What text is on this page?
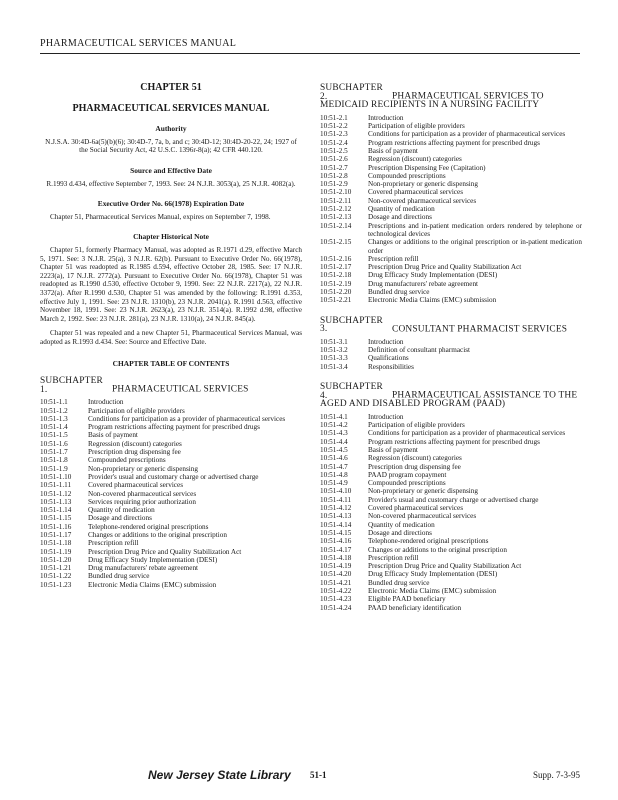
PHARMACEUTICAL SERVICES MANUAL
CHAPTER 51
PHARMACEUTICAL SERVICES MANUAL
Authority

N.J.S.A. 30:4D-6a(5)(b)(6); 30:4D-7, 7a, b, and c; 30:4D-12; 30:4D-20-22, 24; 1927 of the Social Security Act, 42 U.S.C. 1396r-8(a); 42 CFR 440.120.

Source and Effective Date

R.1993 d.434, effective September 7, 1993. See: 24 N.J.R. 3053(a), 25 N.J.R. 4082(a).

Executive Order No. 66(1978) Expiration Date

Chapter 51, Pharmaceutical Services Manual, expires on September 7, 1998.

Chapter Historical Note

Chapter 51, formerly Pharmacy Manual, was adopted as R.1971 d.29, effective March 5, 1971. See: 3 N.J.R. 25(a), 3 N.J.R. 62(b). Pursuant to Executive Order No. 66(1978), Chapter 51 was readopted as R.1985 d.594, effective October 28, 1985. See: 17 N.J.R. 2223(a), 17 N.J.R. 2772(a). Pursuant to Executive Order No. 66(1978), Chapter 51 was readopted as R.1990 d.530, effective October 9, 1990. See: 22 N.J.R. 2217(a), 22 N.J.R. 3372(a). After R.1990 d.530, Chapter 51 was amended by the following: R.1991 d.353, effective July 1, 1991. See: 23 N.J.R. 1310(b), 23 N.J.R. 2041(a). R.1991 d.563, effective November 18, 1991. See: 23 N.J.R. 2623(a), 23 N.J.R. 3514(a). R.1992 d.98, effective March 2, 1992. See: 23 N.J.R. 281(a), 23 N.J.R. 1310(a), 24 N.J.R. 845(a).

Chapter 51 was repealed and a new Chapter 51, Pharmaceutical Services Manual, was adopted as R.1993 d.434. See: Source and Effective Date.

CHAPTER TABLE OF CONTENTS
SUBCHAPTER 1.	PHARMACEUTICAL SERVICES
10:51-1.1	Introduction
10:51-1.2	Participation of eligible providers
10:51-1.3	Conditions for participation as a provider of pharmaceutical services
10:51-1.4	Program restrictions affecting payment for prescribed drugs
10:51-1.5	Basis of payment
10:51-1.6	Regression (discount) categories
10:51-1.7	Prescription drug dispensing fee
10:51-1.8	Compounded prescriptions
10:51-1.9	Non-proprietary or generic dispensing
10:51-1.10	Provider's usual and customary charge or advertised charge
10:51-1.11	Covered pharmaceutical services
10:51-1.12	Non-covered pharmaceutical services
10:51-1.13	Services requiring prior authorization
10:51-1.14	Quantity of medication
10:51-1.15	Dosage and directions
10:51-1.16	Telephone-rendered original prescriptions
10:51-1.17	Changes or additions to the original prescription
10:51-1.18	Prescription refill
10:51-1.19	Prescription Drug Price and Quality Stabilization Act
10:51-1.20	Drug Efficacy Study Implementation (DESI)
10:51-1.21	Drug manufacturers' rebate agreement
10:51-1.22	Bundled drug service
10:51-1.23	Electronic Media Claims (EMC) submission
SUBCHAPTER 2.	PHARMACEUTICAL SERVICES TO MEDICAID RECIPIENTS IN A NURSING FACILITY
10:51-2.1	Introduction
10:51-2.2	Participation of eligible providers
10:51-2.3	Conditions for participation as a provider of pharmaceutical services
10:51-2.4	Program restrictions affecting payment for prescribed drugs
10:51-2.5	Basis of payment
10:51-2.6	Regression (discount) categories
10:51-2.7	Prescription Dispensing Fee (Capitation)
10:51-2.8	Compounded prescriptions
10:51-2.9	Non-proprietary or generic dispensing
10:51-2.10	Covered pharmaceutical services
10:51-2.11	Non-covered pharmaceutical services
10:51-2.12	Quantity of medication
10:51-2.13	Dosage and directions
10:51-2.14	Prescriptions and in-patient medication orders rendered by telephone or technological devices
10:51-2.15	Changes or additions to the original prescription or in-patient medication order
10:51-2.16	Prescription refill
10:51-2.17	Prescription Drug Price and Quality Stabilization Act
10:51-2.18	Drug Efficacy Study Implementation (DESI)
10:51-2.19	Drug manufacturers' rebate agreement
10:51-2.20	Bundled drug service
10:51-2.21	Electronic Media Claims (EMC) submission
SUBCHAPTER 3.	CONSULTANT PHARMACIST SERVICES
10:51-3.1	Introduction
10:51-3.2	Definition of consultant pharmacist
10:51-3.3	Qualifications
10:51-3.4	Responsibilities
SUBCHAPTER 4.	PHARMACEUTICAL ASSISTANCE TO THE AGED AND DISABLED PROGRAM (PAAD)
10:51-4.1	Introduction
10:51-4.2	Participation of eligible providers
10:51-4.3	Conditions for participation as a provider of pharmaceutical services
10:51-4.4	Program restrictions affecting payment for prescribed drugs
10:51-4.5	Basis of payment
10:51-4.6	Regression (discount) categories
10:51-4.7	Prescription drug dispensing fee
10:51-4.8	PAAD program copayment
10:51-4.9	Compounded prescriptions
10:51-4.10	Non-proprietary or generic dispensing
10:51-4.11	Provider's usual and customary charge or advertised charge
10:51-4.12	Covered pharmaceutical services
10:51-4.13	Non-covered pharmaceutical services
10:51-4.14	Quantity of medication
10:51-4.15	Dosage and directions
10:51-4.16	Telephone-rendered original prescriptions
10:51-4.17	Changes or additions to the original prescription
10:51-4.18	Prescription refill
10:51-4.19	Prescription Drug Price and Quality Stabilization Act
10:51-4.20	Drug Efficacy Study Implementation (DESI)
10:51-4.21	Bundled drug service
10:51-4.22	Electronic Media Claims (EMC) submission
10:51-4.23	Eligible PAAD beneficiary
10:51-4.24	PAAD beneficiary identification
New Jersey State Library 51-1	Supp. 7-3-95
